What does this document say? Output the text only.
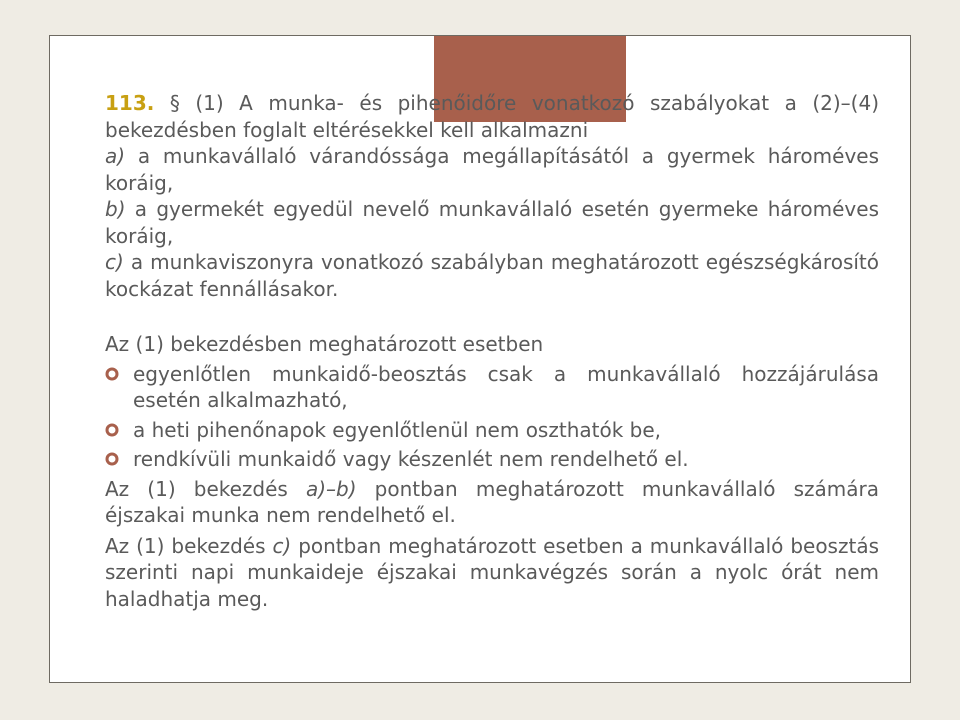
113. § (1) A munka- és pihenőidőre vonatkozó szabályokat a (2)–(4) bekezdésben foglalt eltérésekkel kell alkalmazni

a) a munkavállaló várandóssága megállapításától a gyermek hároméves koráig,

b) a gyermekét egyedül nevelő munkavállaló esetén gyermeke hároméves koráig,

c) a munkaviszonyra vonatkozó szabályban meghatározott egészségkárosító kockázat fennállásakor.

Az (1) bekezdésben meghatározott esetben

egyenlőtlen munkaidő-beosztás csak a munkavállaló hozzájárulása esetén alkalmazható,
a heti pihenőnapok egyenlőtlenül nem oszthatók be,
rendkívüli munkaidő vagy készenlét nem rendelhető el.

Az (1) bekezdés a)–b) pontban meghatározott munkavállaló számára éjszakai munka nem rendelhető el.

Az (1) bekezdés c) pontban meghatározott esetben a munkavállaló beosztás szerinti napi munkaideje éjszakai munkavégzés során a nyolc órát nem haladhatja meg.
